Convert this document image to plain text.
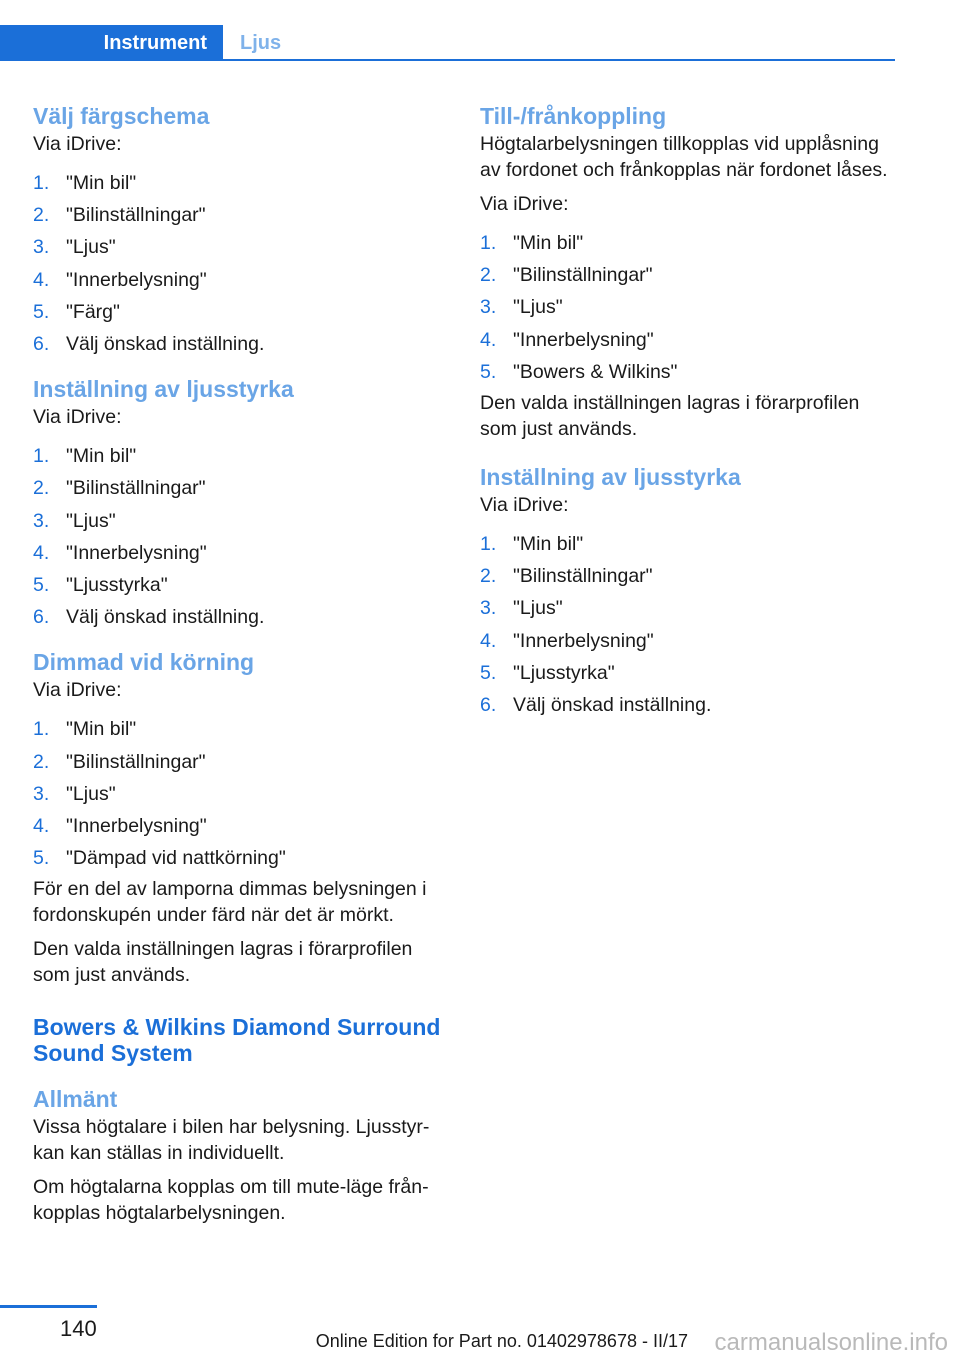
Instrument	Ljus
Välj färgschema

Via iDrive:

1. "Min bil"
2. "Bilinställningar"
3. "Ljus"
4. "Innerbelysning"
5. "Färg"
6. Välj önskad inställning.
Inställning av ljusstyrka

Via iDrive:

1. "Min bil"
2. "Bilinställningar"
3. "Ljus"
4. "Innerbelysning"
5. "Ljusstyrka"
6. Välj önskad inställning.
Dimmad vid körning

Via iDrive:

1. "Min bil"
2. "Bilinställningar"
3. "Ljus"
4. "Innerbelysning"
5. "Dämpad vid nattkörning"

För en del av lamporna dimmas belysningen i fordonskupén under färd när det är mörkt.

Den valda inställningen lagras i förarprofilen som just används.

Bowers & Wilkins Diamond Surround Sound System
Allmänt

Vissa högtalare i bilen har belysning. Ljusstyrkan kan ställas in individuellt.

Om högtalarna kopplas om till mute-läge frånkopplas högtalarbelysningen.

Till-/frånkoppling

Högtalarbelysningen tillkopplas vid upplåsning av fordonet och frånkopplas när fordonet låses.

Via iDrive:

1. "Min bil"
2. "Bilinställningar"
3. "Ljus"
4. "Innerbelysning"
5. "Bowers & Wilkins"

Den valda inställningen lagras i förarprofilen som just används.

Inställning av ljusstyrka

Via iDrive:

1. "Min bil"
2. "Bilinställningar"
3. "Ljus"
4. "Innerbelysning"
5. "Ljusstyrka"
6. Välj önskad inställning.
140	Online Edition for Part no. 01402978678 - II/17 carmanualsonline.info
